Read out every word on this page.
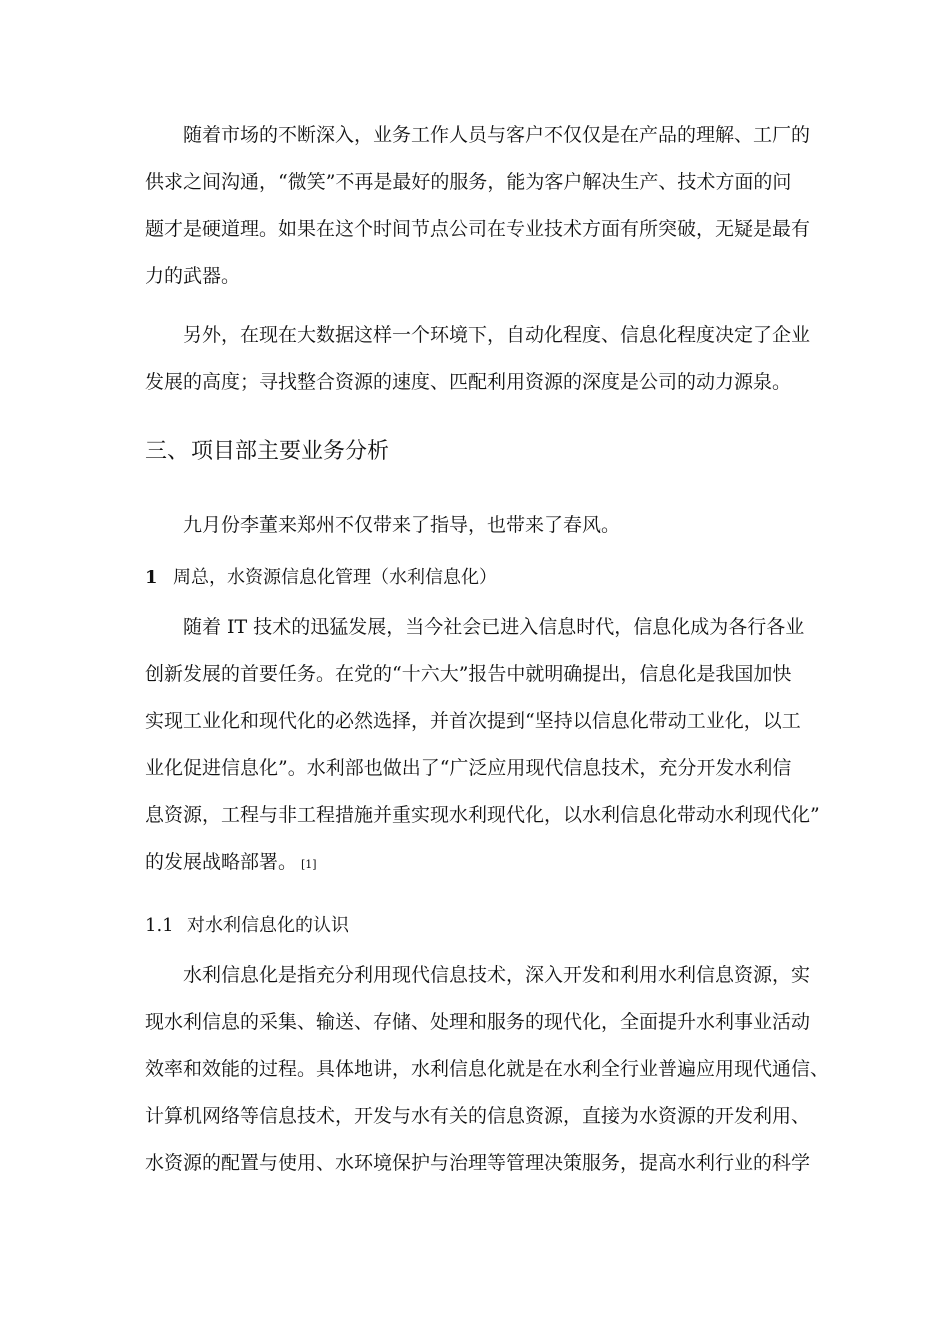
随着市场的不断深入，业务工作人员与客户不仅仅是在产品的理解、工厂的
供求之间沟通，“微笑”不再是最好的服务，能为客户解决生产、技术方面的问
题才是硬道理。如果在这个时间节点公司在专业技术方面有所突破，无疑是最有
力的武器。
另外，在现在大数据这样一个环境下，自动化程度、信息化程度决定了企业
发展的高度；寻找整合资源的速度、匹配利用资源的深度是公司的动力源泉。
三、项目部主要业务分析
九月份李董来郑州不仅带来了指导，也带来了春风。
1 周总，水资源信息化管理（水利信息化）
随着 IT 技术的迅猛发展，当今社会已进入信息时代，信息化成为各行各业
创新发展的首要任务。在党的“十六大”报告中就明确提出，信息化是我国加快
实现工业化和现代化的必然选择，并首次提到“坚持以信息化带动工业化，以工
业化促进信息化”。水利部也做出了“广泛应用现代信息技术，充分开发水利信
息资源，工程与非工程措施并重实现水利现代化，以水利信息化带动水利现代化”
的发展战略部署。 [1]
1.1 对水利信息化的认识
水利信息化是指充分利用现代信息技术，深入开发和利用水利信息资源，实
现水利信息的采集、输送、存储、处理和服务的现代化，全面提升水利事业活动
效率和效能的过程。具体地讲，水利信息化就是在水利全行业普遍应用现代通信、
计算机网络等信息技术，开发与水有关的信息资源，直接为水资源的开发利用、
水资源的配置与使用、水环境保护与治理等管理决策服务，提高水利行业的科学
